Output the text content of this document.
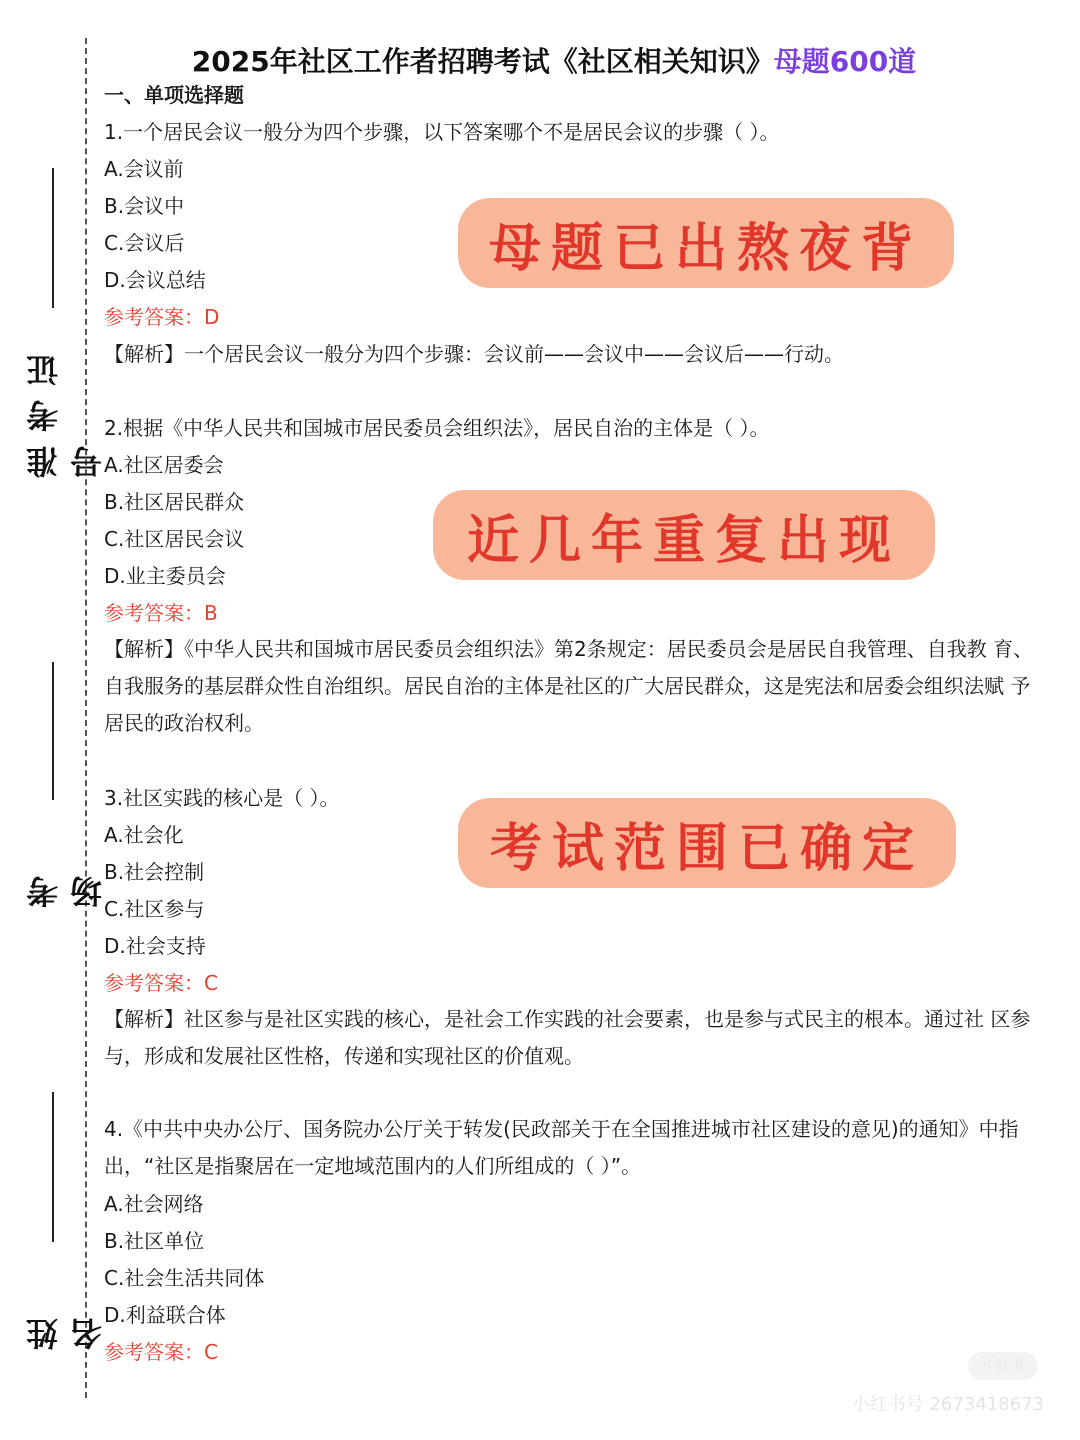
准考证号
考场
姓名
2025年社区工作者招聘考试《社区相关知识》母题600道
一、单项选择题
1.一个居民会议一般分为四个步骤，以下答案哪个不是居民会议的步骤（ ）。
A.会议前
B.会议中
C.会议后
D.会议总结
参考答案：D
【解析】一个居民会议一般分为四个步骤：会议前——会议中——会议后——行动。
2.根据《中华人民共和国城市居民委员会组织法》，居民自治的主体是（ ）。
A.社区居委会
B.社区居民群众
C.社区居民会议
D.业主委员会
参考答案：B
【解析】《中华人民共和国城市居民委员会组织法》第2条规定：居民委员会是居民自我管理、自我教 育、自我服务的基层群众性自治组织。居民自治的主体是社区的广大居民群众，这是宪法和居委会组织法赋 予居民的政治权利。
3.社区实践的核心是（ ）。
A.社会化
B.社会控制
C.社区参与
D.社会支持
参考答案：C
【解析】社区参与是社区实践的核心，是社会工作实践的社会要素，也是参与式民主的根本。通过社 区参与，形成和发展社区性格，传递和实现社区的价值观。
4.《中共中央办公厅、国务院办公厅关于转发(民政部关于在全国推进城市社区建设的意见)的通知》中指出，“社区是指聚居在一定地域范围内的人们所组成的（ ）”。
A.社会网络
B.社区单位
C.社会生活共同体
D.利益联合体
参考答案：C
母题已出熬夜背
近几年重复出现
考试范围已确定
小红书
小红书号 2673418673
